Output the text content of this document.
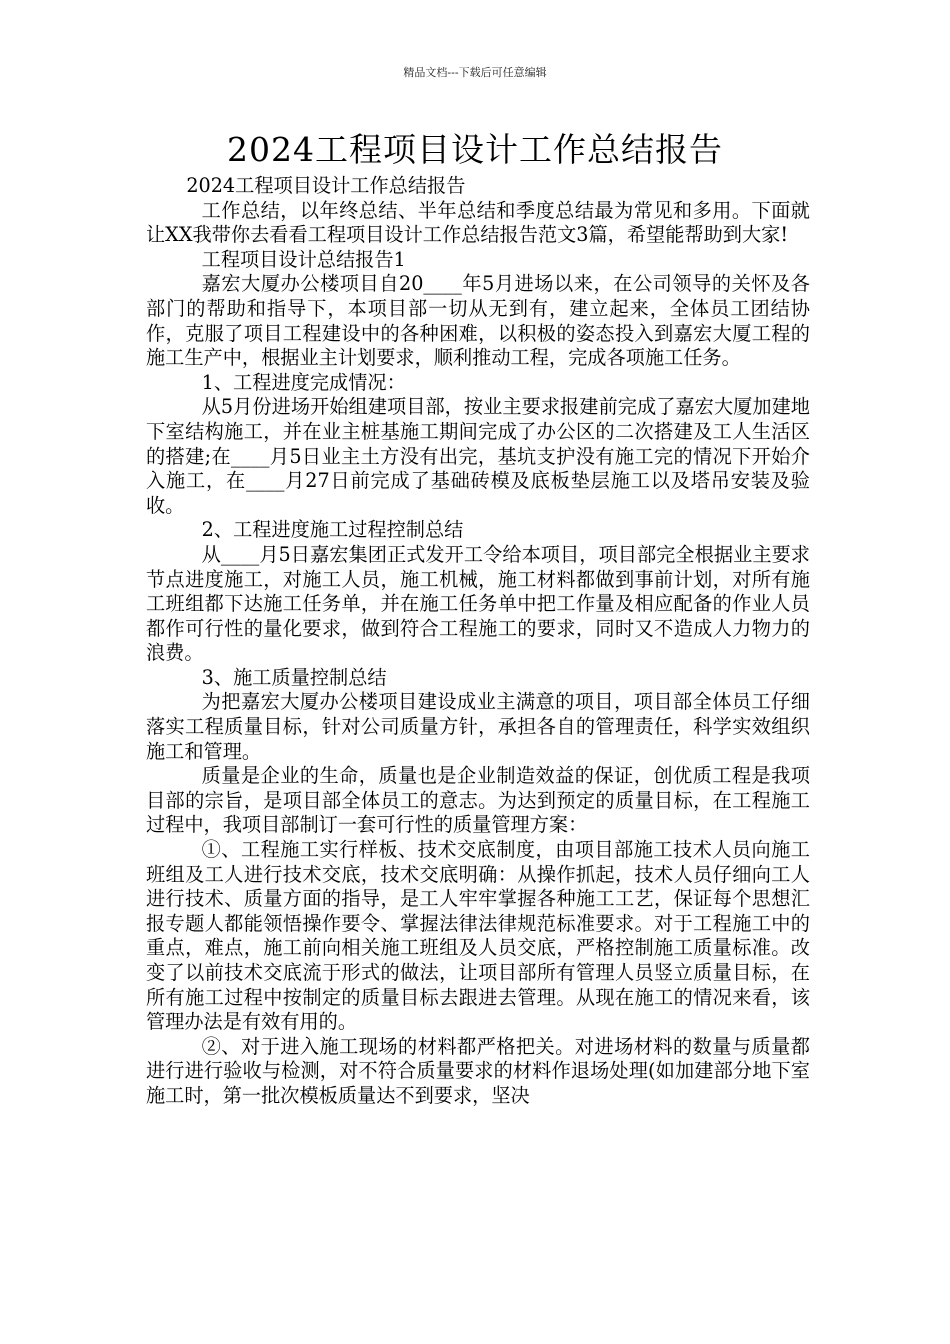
精品文档---下载后可任意编辑
2024工程项目设计工作总结报告

2024工程项目设计工作总结报告

工作总结，以年终总结、半年总结和季度总结最为常见和多用。下面就让XX我带你去看看工程项目设计工作总结报告范文3篇，希望能帮助到大家!

工程项目设计总结报告1

嘉宏大厦办公楼项目自20____年5月进场以来，在公司领导的关怀及各部门的帮助和指导下，本项目部一切从无到有，建立起来，全体员工团结协作，克服了项目工程建设中的各种困难，以积极的姿态投入到嘉宏大厦工程的施工生产中，根据业主计划要求，顺利推动工程，完成各项施工任务。

1、工程进度完成情况：

从5月份进场开始组建项目部，按业主要求报建前完成了嘉宏大厦加建地下室结构施工，并在业主桩基施工期间完成了办公区的二次搭建及工人生活区的搭建;在____月5日业主土方没有出完，基坑支护没有施工完的情况下开始介入施工，在____月27日前完成了基础砖模及底板垫层施工以及塔吊安装及验收。

2、工程进度施工过程控制总结

从____月5日嘉宏集团正式发开工令给本项目，项目部完全根据业主要求节点进度施工，对施工人员，施工机械，施工材料都做到事前计划，对所有施工班组都下达施工任务单，并在施工任务单中把工作量及相应配备的作业人员都作可行性的量化要求，做到符合工程施工的要求，同时又不造成人力物力的浪费。

3、施工质量控制总结

为把嘉宏大厦办公楼项目建设成业主满意的项目，项目部全体员工仔细落实工程质量目标，针对公司质量方针，承担各自的管理责任，科学实效组织施工和管理。

质量是企业的生命，质量也是企业制造效益的保证，创优质工程是我项目部的宗旨，是项目部全体员工的意志。为达到预定的质量目标，在工程施工过程中，我项目部制订一套可行性的质量管理方案：

①、工程施工实行样板、技术交底制度，由项目部施工技术人员向施工班组及工人进行技术交底，技术交底明确：从操作抓起，技术人员仔细向工人进行技术、质量方面的指导，是工人牢牢掌握各种施工工艺，保证每个思想汇报专题人都能领悟操作要令、掌握法律法律规范标准要求。对于工程施工中的重点，难点，施工前向相关施工班组及人员交底，严格控制施工质量标准。改变了以前技术交底流于形式的做法，让项目部所有管理人员竖立质量目标，在所有施工过程中按制定的质量目标去跟进去管理。从现在施工的情况来看，该管理办法是有效有用的。

②、对于进入施工现场的材料都严格把关。对进场材料的数量与质量都进行进行验收与检测，对不符合质量要求的材料作退场处理(如加建部分地下室施工时，第一批次模板质量达不到要求，坚决
